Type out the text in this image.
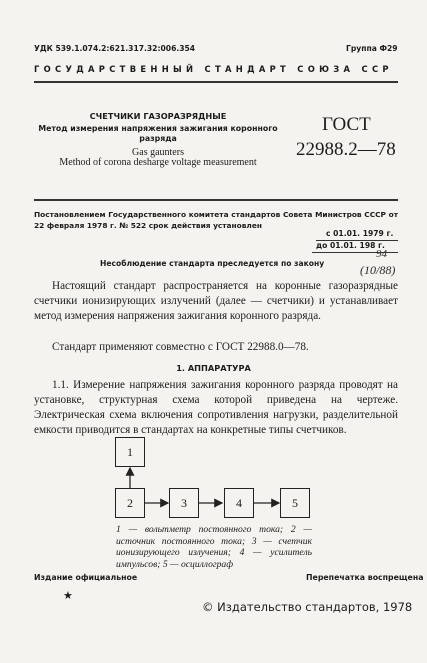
УДК 539.1.074.2:621.317.32:006.354	Группа Ф29
ГОСУДАРСТВЕННЫЙ СТАНДАРТ СОЮЗА ССР
СЧЕТЧИКИ ГАЗОРАЗРЯДНЫЕ
Метод измерения напряжения зажигания коронного разряда
Gas gaunters
Method of corona desharge voltage measurement
ГОСТ
22988.2—78
Постановлением Государственного комитета стандартов Совета Министров СССР от 22 февраля 1978 г. № 522 срок действия установлен
с 01.01. 1979 г.
до 01.01. 198 г.
94
(10/88)
Несоблюдение стандарта преследуется по закону
Настоящий стандарт распространяется на коронные газоразрядные счетчики ионизирующих излучений (далее — счетчики) и устанавливает метод измерения напряжения зажигания коронного разряда.
Стандарт применяют совместно с ГОСТ 22988.0—78.
1. АППАРАТУРА
1.1. Измерение напряжения зажигания коронного разряда проводят на установке, структурная схема которой приведена на чертеже. Электрическая схема включения сопротивления нагрузки, разделительной емкости приводится в стандартах на конкретные типы счетчиков.
1
2	3	4	5
1 — вольтметр постоянного тока; 2 — источник постоянного тока; 3 — счетчик ионизирующего излучения; 4 — усилитель импульсов; 5 — осциллограф
Издание официальное	Перепечатка воспрещена
★
© Издательство стандартов, 1978
